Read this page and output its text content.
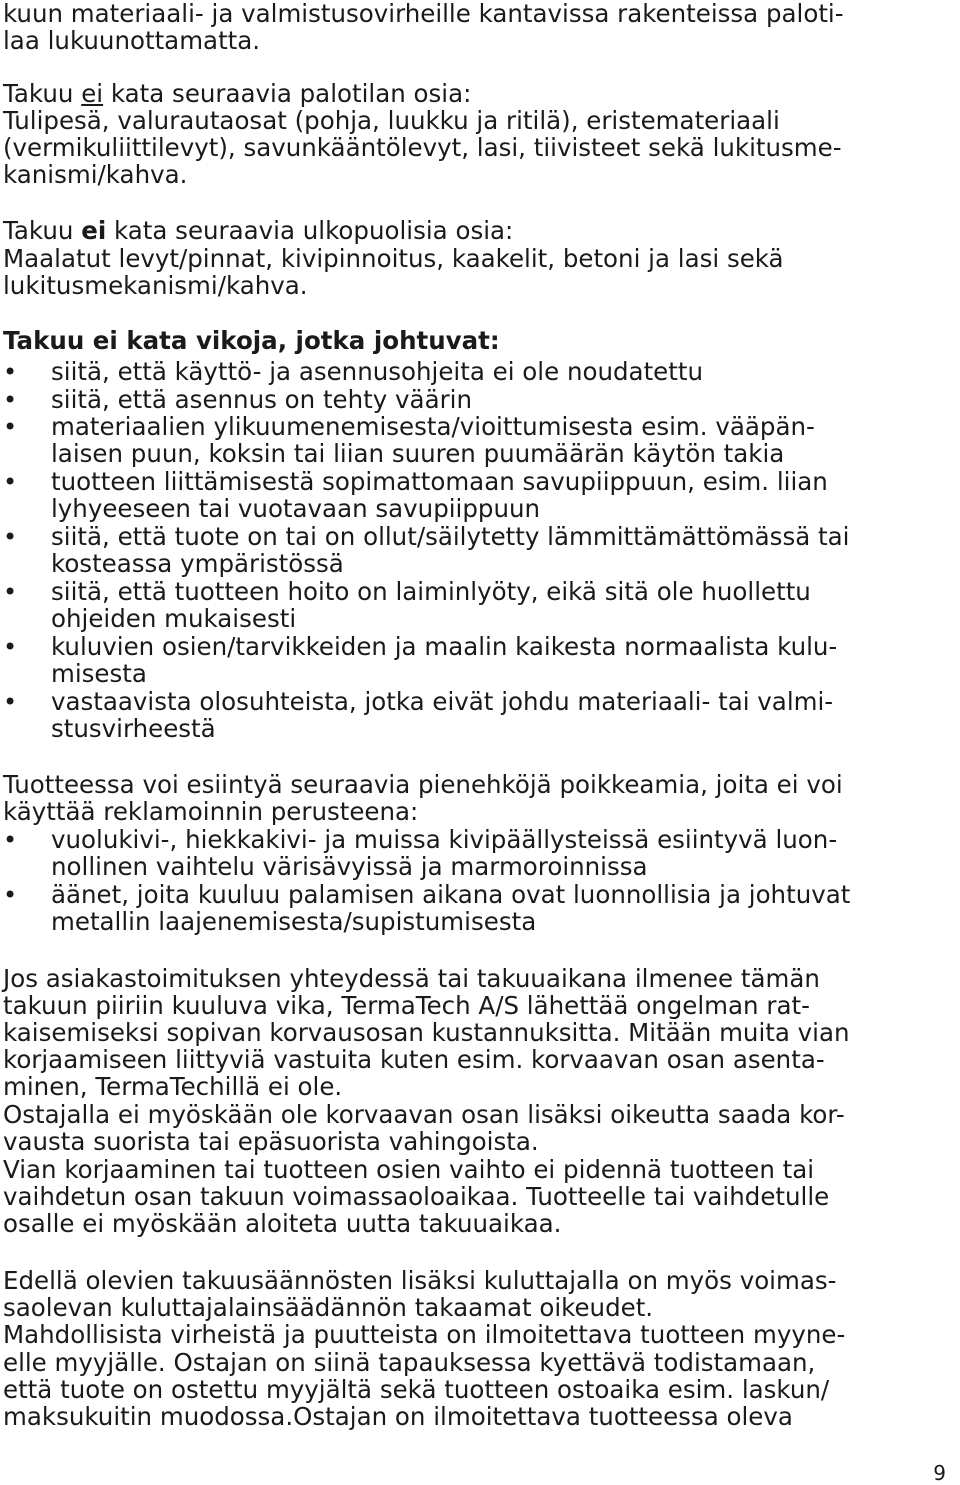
kuun materiaali- ja valmistusovirheille kantavissa rakenteissa paloti-
laa lukuunottamatta.
Takuu ei kata seuraavia palotilan osia:
Tulipesä, valurautaosat (pohja, luukku ja ritilä), eristemateriaali
(vermikuliittilevyt), savunkääntölevyt, lasi, tiivisteet sekä lukitusme-
kanismi/kahva.
Takuu ei kata seuraavia ulkopuolisia osia:
Maalatut levyt/pinnat, kivipinnoitus, kaakelit, betoni ja lasi sekä
lukitusmekanismi/kahva.
Takuu ei kata vikoja, jotka johtuvat:
•
siitä, että käyttö- ja asennusohjeita ei ole noudatettu
•
siitä, että asennus on tehty väärin
•
materiaalien ylikuumenemisesta/vioittumisesta esim. vääрän-
laisen puun, koksin tai liian suuren puumäärän käytön takia
•
tuotteen liittämisestä sopimattomaan savupiippuun, esim. liian
lyhyeeseen tai vuotavaan savupiippuun
•
siitä, että tuote on tai on ollut/säilytetty lämmittämättömässä tai
kosteassa ympäristössä
•
siitä, että tuotteen hoito on laiminlyöty, eikä sitä ole huollettu
ohjeiden mukaisesti
•
kuluvien osien/tarvikkeiden ja maalin kaikesta normaalista kulu-
misesta
•
vastaavista olosuhteista, jotka eivät johdu materiaali- tai valmi-
stusvirheestä
Tuotteessa voi esiintyä seuraavia pienehköjä poikkeamia, joita ei voi
käyttää reklamoinnin perusteena:
•
vuolukivi-, hiekkakivi- ja muissa kivipäällysteissä esiintyvä luon-
nollinen vaihtelu värisävyissä ja marmoroinnissa
•
äänet, joita kuuluu palamisen aikana ovat luonnollisia ja johtuvat
metallin laajenemisesta/supistumisesta
Jos asiakastoimituksen yhteydessä tai takuuaikana ilmenee tämän
takuun piiriin kuuluva vika, TermaTech A/S lähettää ongelman rat-
kaisemiseksi sopivan korvausosan kustannuksitta. Mitään muita vian
korjaamiseen liittyviä vastuita kuten esim. korvaavan osan asenta-
minen, TermaTechillä ei ole.
Ostajalla ei myöskään ole korvaavan osan lisäksi oikeutta saada kor-
vausta suorista tai epäsuorista vahingoista.
Vian korjaaminen tai tuotteen osien vaihto ei pidennä tuotteen tai
vaihdetun osan takuun voimassaoloaikaa. Tuotteelle tai vaihdetulle
osalle ei myöskään aloiteta uutta takuuaikaa.
Edellä olevien takuusäännösten lisäksi kuluttajalla on myös voimas-
saolevan kuluttajalainsäädännön takaamat oikeudet.
Mahdollisista virheistä ja puutteista on ilmoitettava tuotteen myyne-
elle myyjälle. Ostajan on siinä tapauksessa kyettävä todistamaan,
että tuote on ostettu myyjältä sekä tuotteen ostoaika esim. laskun/
maksukuitin muodossa.Ostajan on ilmoitettava tuotteessa oleva
9
